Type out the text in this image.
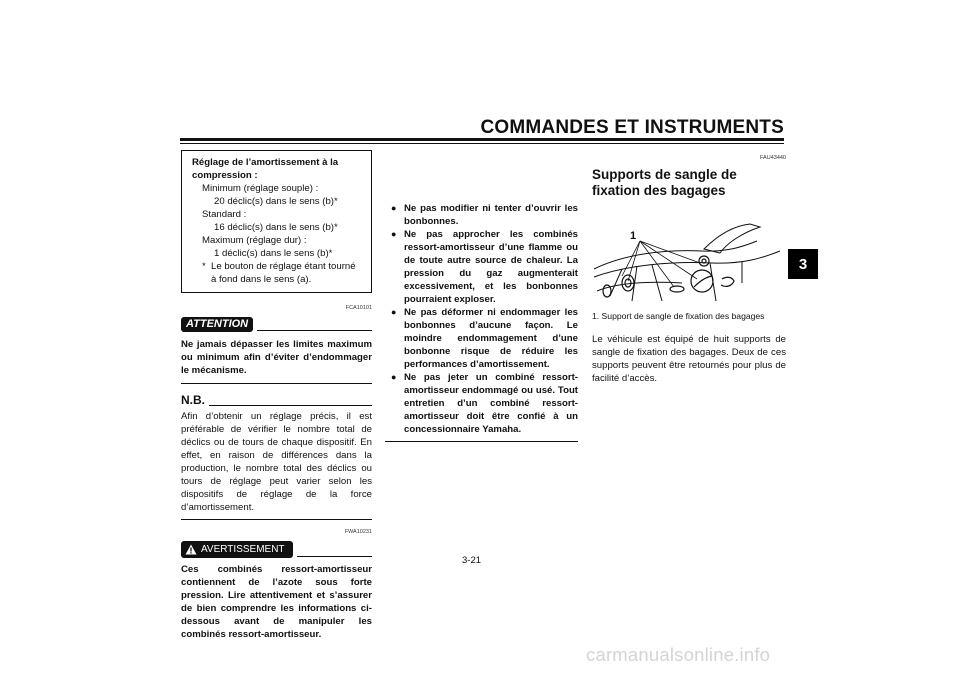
COMMANDES ET INSTRUMENTS
3
Réglage de l’amortissement à la compression :
Minimum (réglage souple) :
20 déclic(s) dans le sens (b)*
Standard :
16 déclic(s) dans le sens (b)*
Maximum (réglage dur) :
1 déclic(s) dans le sens (b)*
* Le bouton de réglage étant tourné à fond dans le sens (a).
FCA10101
ATTENTION
Ne jamais dépasser les limites maximum ou minimum afin d’éviter d’endommager le mécanisme.
N.B.
Afin d’obtenir un réglage précis, il est préférable de vérifier le nombre total de déclics ou de tours de chaque dispositif. En effet, en raison de différences dans la production, le nombre total des déclics ou tours de réglage peut varier selon les dispositifs de réglage de la force d’amortissement.
FWA10231
AVERTISSEMENT
Ces combinés ressort-amortisseur contiennent de l’azote sous forte pression. Lire attentivement et s’assurer de bien comprendre les informations ci-dessous avant de manipuler les combinés ressort-amortisseur.
● Ne pas modifier ni tenter d’ouvrir les bonbonnes.
● Ne pas approcher les combinés ressort-amortisseur d’une flamme ou de toute autre source de chaleur. La pression du gaz augmenterait excessivement, et les bonbonnes pourraient exploser.
● Ne pas déformer ni endommager les bonbonnes d’aucune façon. Le moindre endommagement d’une bonbonne risque de réduire les performances d’amortissement.
● Ne pas jeter un combiné ressort-amortisseur endommagé ou usé. Tout entretien d’un combiné ressort-amortisseur doit être confié à un concessionnaire Yamaha.
FAU43440
Supports de sangle de fixation des bagages
1
1. Support de sangle de fixation des bagages
Le véhicule est équipé de huit supports de sangle de fixation des bagages. Deux de ces supports peuvent être retournés pour plus de facilité d’accès.
3-21
carmanualsonline.info
